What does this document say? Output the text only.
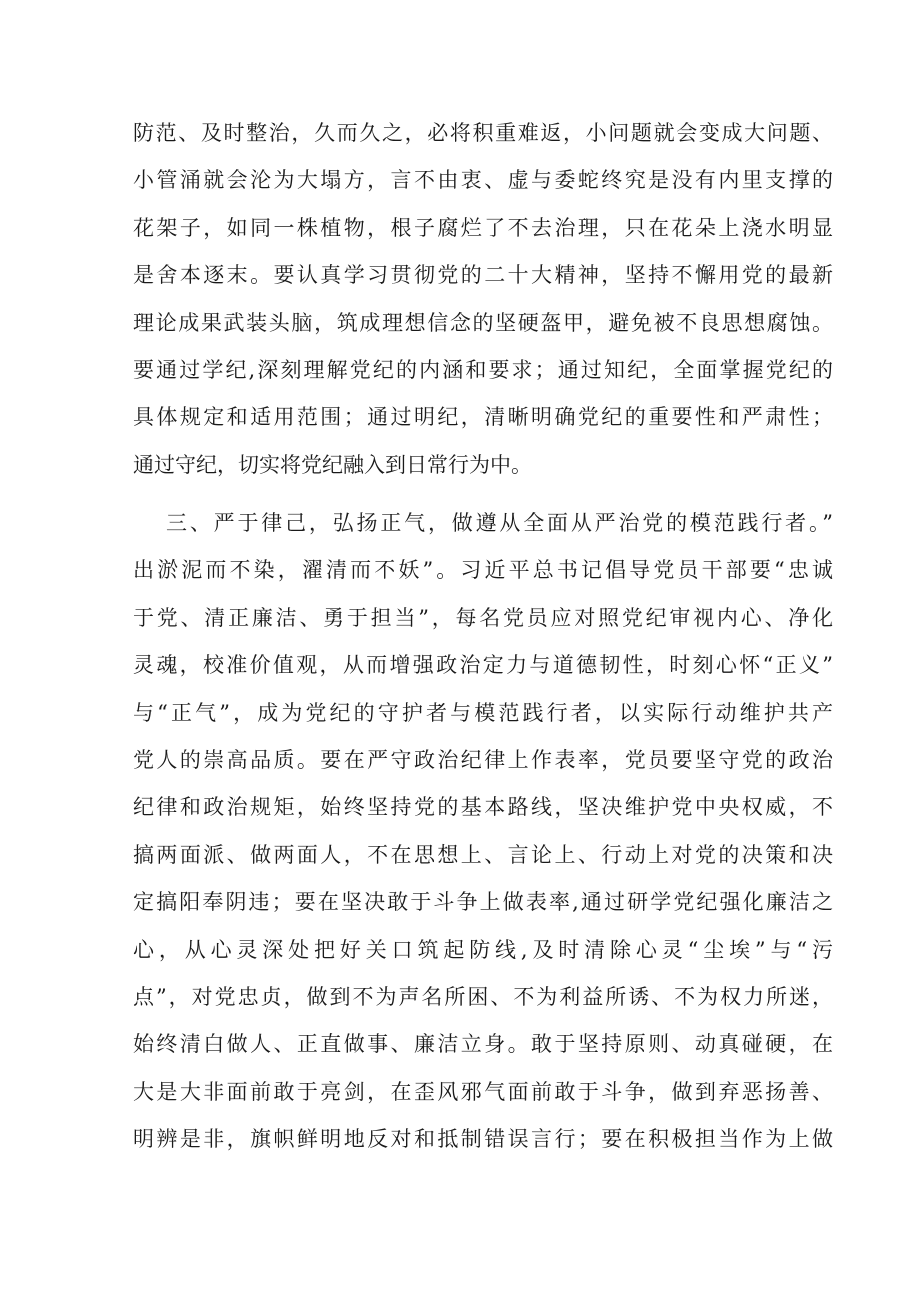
防范、及时整治，久而久之，必将积重难返，小问题就会变成大问题、
小管涌就会沦为大塌方，言不由衷、虚与委蛇终究是没有内里支撑的
花架子，如同一株植物，根子腐烂了不去治理，只在花朵上浇水明显
是舍本逐末。要认真学习贯彻党的二十大精神，坚持不懈用党的最新
理论成果武装头脑，筑成理想信念的坚硬盔甲，避免被不良思想腐蚀。
要通过学纪,深刻理解党纪的内涵和要求；通过知纪，全面掌握党纪的
具体规定和适用范围；通过明纪，清晰明确党纪的重要性和严肃性；
通过守纪，切实将党纪融入到日常行为中。
三、严于律己，弘扬正气，做遵从全面从严治党的模范践行者。”
出淤泥而不染，濯清而不妖”。习近平总书记倡导党员干部要“忠诚
于党、清正廉洁、勇于担当”，每名党员应对照党纪审视内心、净化
灵魂，校准价值观，从而增强政治定力与道德韧性，时刻心怀“正义”
与“正气”，成为党纪的守护者与模范践行者，以实际行动维护共产
党人的崇高品质。要在严守政治纪律上作表率，党员要坚守党的政治
纪律和政治规矩，始终坚持党的基本路线，坚决维护党中央权威，不
搞两面派、做两面人，不在思想上、言论上、行动上对党的决策和决
定搞阳奉阴违；要在坚决敢于斗争上做表率,通过研学党纪强化廉洁之
心，从心灵深处把好关口筑起防线,及时清除心灵“尘埃”与“污
点”，对党忠贞，做到不为声名所困、不为利益所诱、不为权力所迷，
始终清白做人、正直做事、廉洁立身。敢于坚持原则、动真碰硬，在
大是大非面前敢于亮剑，在歪风邪气面前敢于斗争，做到弃恶扬善、
明辨是非，旗帜鲜明地反对和抵制错误言行；要在积极担当作为上做
